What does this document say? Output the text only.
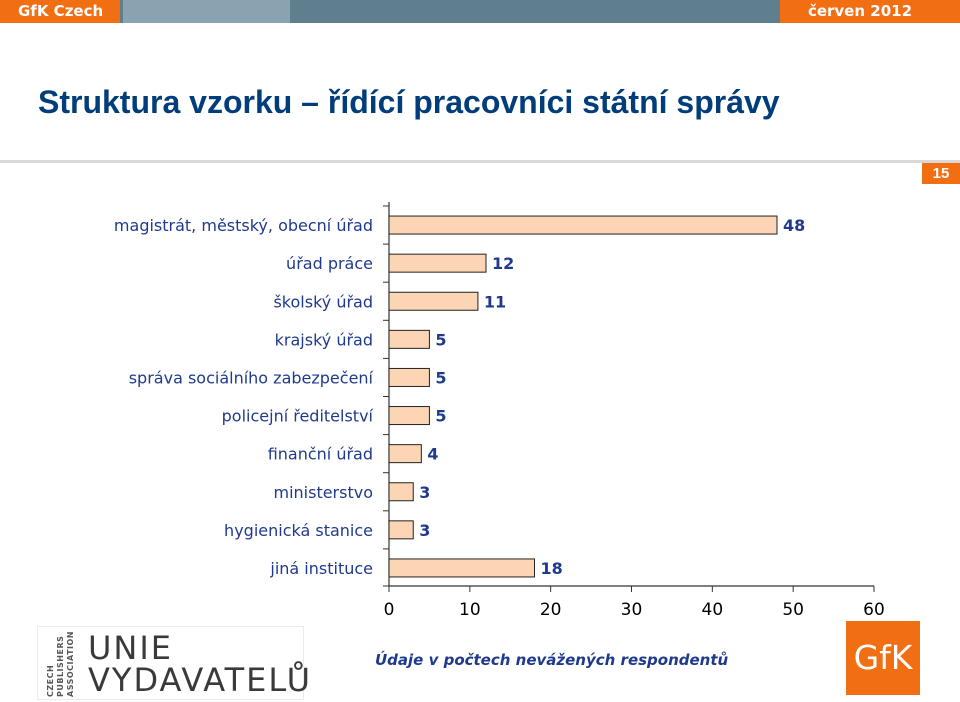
GfK Czech	červen 2012
Struktura vzorku – řídící pracovníci státní správy
15
magistrát, městský, obecní úřad	48
úřad práce	12
školský úřad	11
krajský úřad	5
správa sociálního zabezpečení	5
policejní ředitelství	5
finanční úřad	4
ministerstvo	3
hygienická stanice	3
jiná instituce	18
0	10	20	30	40	50	60
Údaje v počtech nevážených respondentů
CZECH PUBLISHERS ASSOCIATION UNIE
VYDAVATELŮ
GfK
